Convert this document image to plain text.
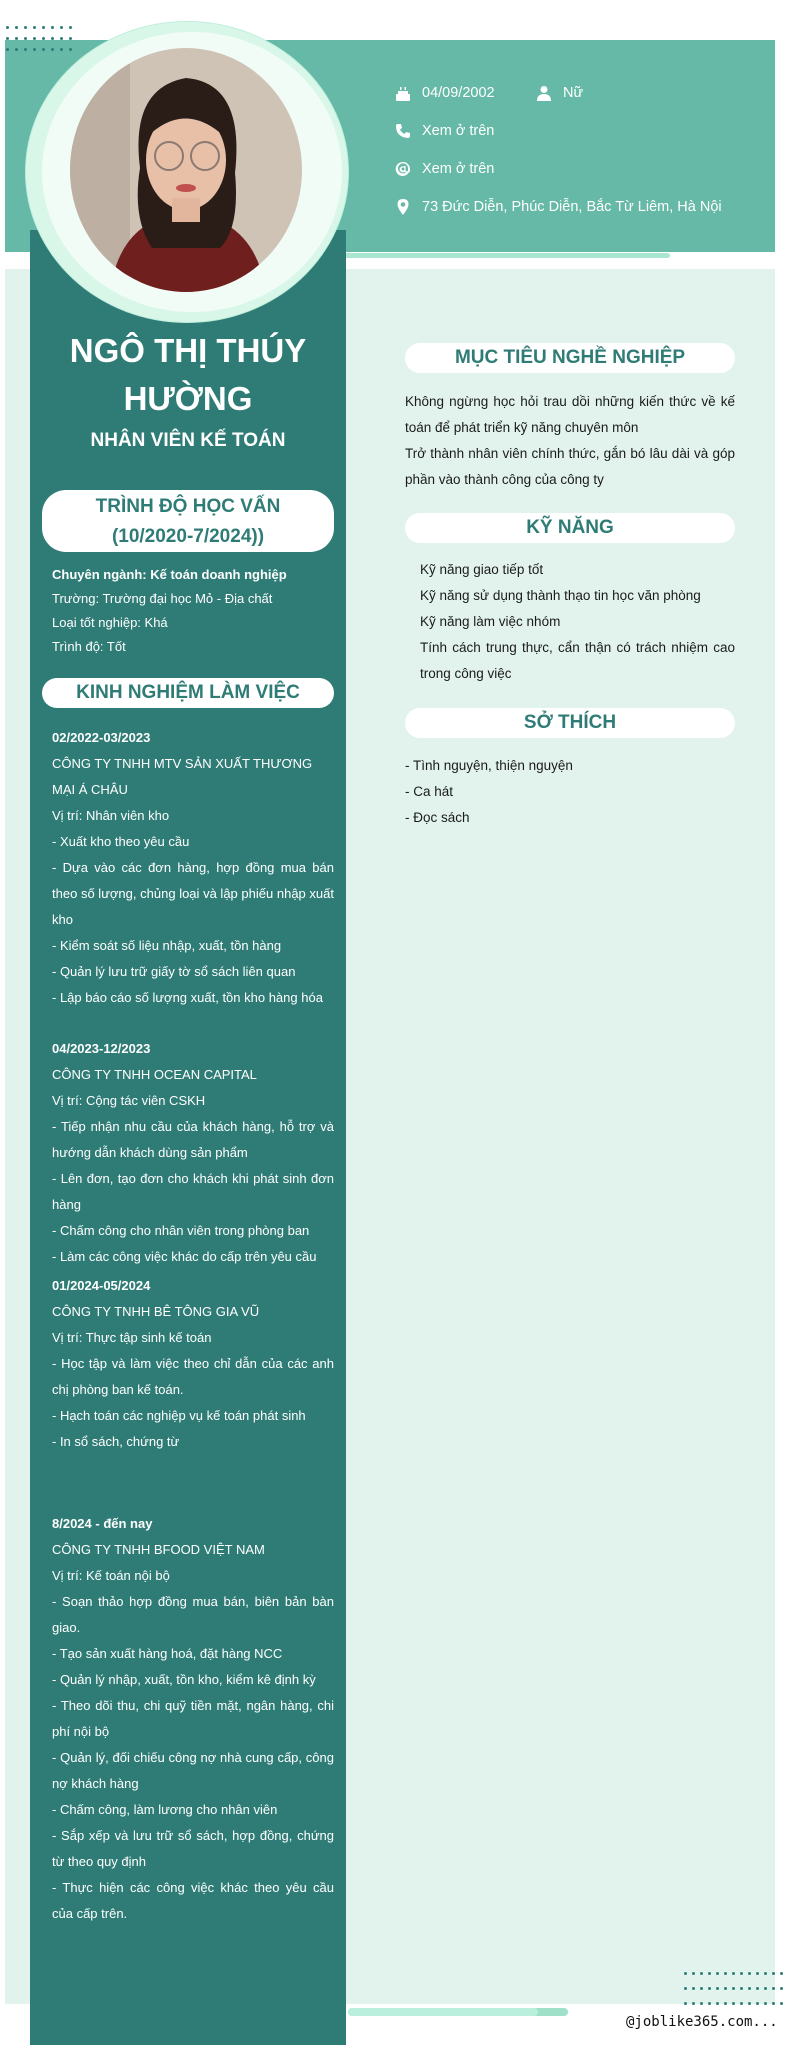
NGÔ THỊ THÚY HƯỜNG
NHÂN VIÊN KẾ TOÁN
04/09/2002	Nữ
Xem ở trên
Xem ở trên
73 Đức Diễn, Phúc Diễn, Bắc Từ Liêm, Hà Nội
TRÌNH ĐỘ HỌC VẤN
(10/2020-7/2024))
Chuyên ngành: Kế toán doanh nghiệp
Trường: Trường đại học Mỏ - Địa chất
Loại tốt nghiệp: Khá
Trình độ: Tốt
KINH NGHIỆM LÀM VIỆC
02/2022-03/2023
CÔNG TY TNHH MTV SẢN XUẤT THƯƠNG MẠI Á CHÂU
Vị trí: Nhân viên kho
- Xuất kho theo yêu cầu
- Dựa vào các đơn hàng, hợp đồng mua bán theo số lượng, chủng loại và lập phiếu nhập xuất kho
- Kiểm soát số liệu nhập, xuất, tồn hàng
- Quản lý lưu trữ giấy tờ sổ sách liên quan
- Lập báo cáo số lượng xuất, tồn kho hàng hóa
04/2023-12/2023
CÔNG TY TNHH OCEAN CAPITAL
Vị trí: Cộng tác viên CSKH
- Tiếp nhận nhu cầu của khách hàng, hỗ trợ và hướng dẫn khách dùng sản phẩm
- Lên đơn, tạo đơn cho khách khi phát sinh đơn hàng
- Chấm công cho nhân viên trong phòng ban
- Làm các công việc khác do cấp trên yêu cầu
01/2024-05/2024
CÔNG TY TNHH BÊ TÔNG GIA VŨ
Vị trí: Thực tập sinh kế toán
- Học tập và làm việc theo chỉ dẫn của các anh chị phòng ban kế toán.
- Hạch toán các nghiệp vụ kế toán phát sinh
- In sổ sách, chứng từ
8/2024 - đến nay
CÔNG TY TNHH BFOOD VIỆT NAM
Vị trí: Kế toán nội bộ
- Soạn thảo hợp đồng mua bán, biên bản bàn giao.
- Tạo sản xuất hàng hoá, đặt hàng NCC
- Quản lý nhập, xuất, tồn kho, kiểm kê định kỳ
- Theo dõi thu, chi quỹ tiền mặt, ngân hàng, chi phí nội bộ
- Quản lý, đối chiếu công nợ nhà cung cấp, công nợ khách hàng
- Chấm công, làm lương cho nhân viên
- Sắp xếp và lưu trữ sổ sách, hợp đồng, chứng từ theo quy định
- Thực hiện các công việc khác theo yêu cầu của cấp trên.
MỤC TIÊU NGHỀ NGHIỆP
Không ngừng học hỏi trau dồi những kiến thức về kế toán để phát triển kỹ năng chuyên môn
Trở thành nhân viên chính thức, gắn bó lâu dài và góp phần vào thành công của công ty
KỸ NĂNG
Kỹ năng giao tiếp tốt
Kỹ năng sử dụng thành thạo tin học văn phòng
Kỹ năng làm việc nhóm
Tính cách trung thực, cẩn thận có trách nhiệm cao trong công việc
SỞ THÍCH
- Tình nguyện, thiện nguyện
- Ca hát
- Đọc sách
@joblike365.com...
